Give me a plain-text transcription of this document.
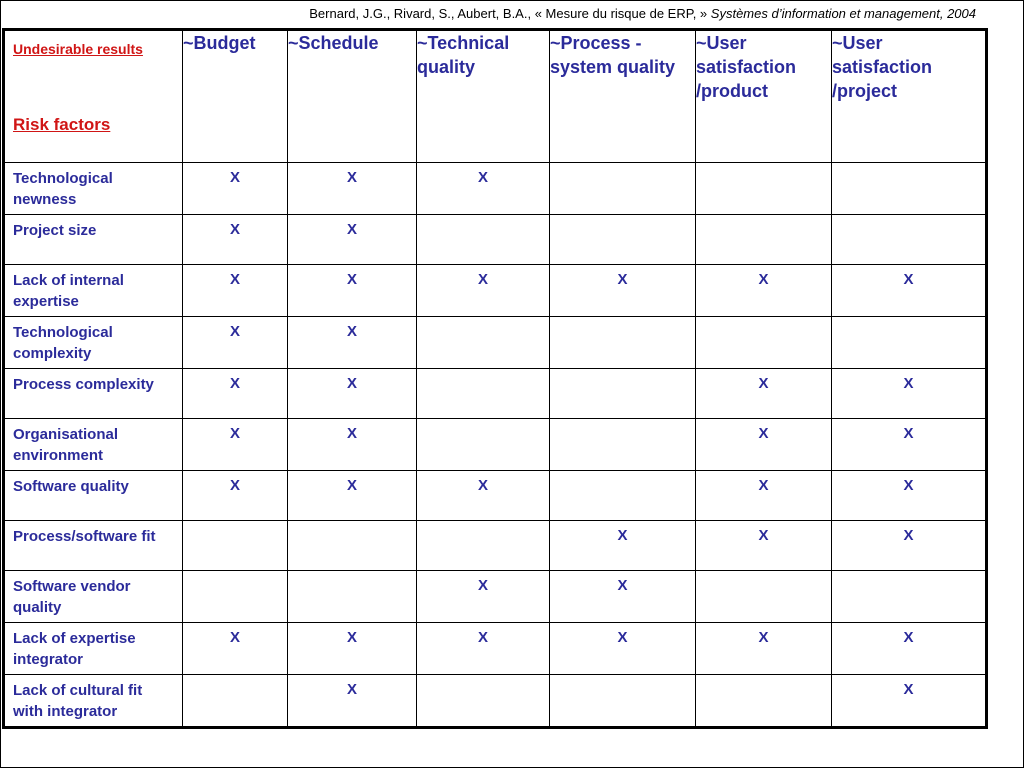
Bernard, J.G., Rivard, S., Aubert, B.A., « Mesure du risque de ERP, » Systèmes d’information et management, 2004
Undesirable results
Risk factors	~Budget	~Schedule	~Technical quality	~Process - system quality	~User satisfaction /product	~User satisfaction /project
Technological newness	X	X	X			
Project size	X	X				
Lack of internal expertise	X	X	X	X	X	X
Technological complexity	X	X				
Process complexity	X	X			X	X
Organisational environment	X	X			X	X
Software quality	X	X	X		X	X
Process/software fit				X	X	X
Software vendor quality			X	X		
Lack of expertise integrator	X	X	X	X	X	X
Lack of cultural fit with integrator		X				X
